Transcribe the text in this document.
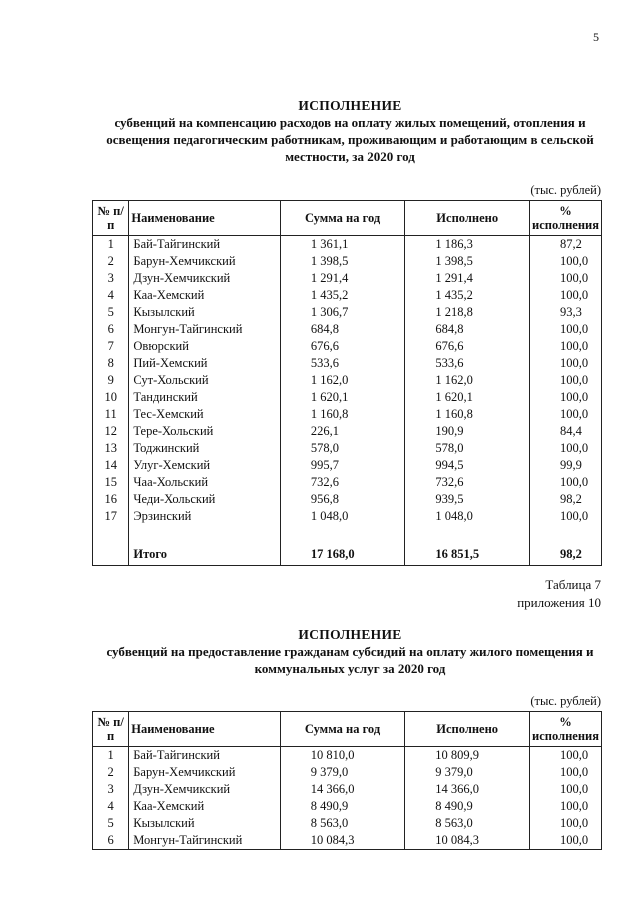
5
ИСПОЛНЕНИЕ
субвенций на компенсацию расходов на оплату жилых помещений, отопления и
освещения педагогическим работникам, проживающим и работающим в сельской
местности, за 2020 год
(тыс. рублей)
№ п/п	Наименование	Сумма на год	Исполнено	% исполнения
1	Бай-Тайгинский	1 361,1	1 186,3	87,2
2	Барун-Хемчикский	1 398,5	1 398,5	100,0
3	Дзун-Хемчикский	1 291,4	1 291,4	100,0
4	Каа-Хемский	1 435,2	1 435,2	100,0
5	Кызылский	1 306,7	1 218,8	93,3
6	Монгун-Тайгинский	684,8	684,8	100,0
7	Овюрский	676,6	676,6	100,0
8	Пий-Хемский	533,6	533,6	100,0
9	Сут-Хольский	1 162,0	1 162,0	100,0
10	Тандинский	1 620,1	1 620,1	100,0
11	Тес-Хемский	1 160,8	1 160,8	100,0
12	Тере-Хольский	226,1	190,9	84,4
13	Тоджинский	578,0	578,0	100,0
14	Улуг-Хемский	995,7	994,5	99,9
15	Чаа-Хольский	732,6	732,6	100,0
16	Чеди-Хольский	956,8	939,5	98,2
17	Эрзинский	1 048,0	1 048,0	100,0

	Итого	17 168,0	16 851,5	98,2
Таблица 7
приложения 10
ИСПОЛНЕНИЕ
субвенций на предоставление гражданам субсидий на оплату жилого помещения и
коммунальных услуг за 2020 год
(тыс. рублей)
№ п/п	Наименование	Сумма на год	Исполнено	% исполнения
1	Бай-Тайгинский	10 810,0	10 809,9	100,0
2	Барун-Хемчикский	9 379,0	9 379,0	100,0
3	Дзун-Хемчикский	14 366,0	14 366,0	100,0
4	Каа-Хемский	8 490,9	8 490,9	100,0
5	Кызылский	8 563,0	8 563,0	100,0
6	Монгун-Тайгинский	10 084,3	10 084,3	100,0
